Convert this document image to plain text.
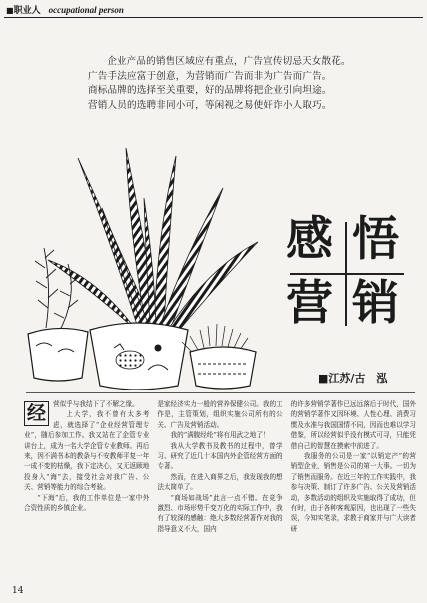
■职业人 occupational person

企业产品的销售区域应有重点，广告宣传切忌天女散花。

广告手法应富于创意，为营销而广告而非为广告而广告。

商标品牌的选择至关重要，好的品牌将把企业引向坦途。

营销人员的选聘非同小可，等闲视之易使奸诈小人取巧。

感 悟
营 销
■江苏/古　泓
经	营似乎与我结下了不解之缘。

上大学，我不曾有太多考虑，就选择了“企业经营管理专业”，随后参加工作。我又站在了企管专业讲台上，成为一名大学企管专业教师。再后来，因不满书本的教条与不安教师平复一年一成不变的枯燥，我下定决心，又无返顾地投身入“海”去，接受社会对我广告、公关、营销等能力的综合考验。

“下海”后，我的工作单位是一家中外合资性质的乡镇企业。

是家经济实力一般的营养保健公司。我的工作是，主管策划，组织实施公司所有的公关、广告及营销活动。

我的“满腹经纶”将有用武之地了！

我从大学教书及教书的过程中，曾学习、研究了近几十本国内外企管经营方面的专著。

然而，在进入商界之后，我发现我的想法太简单了。

“商场如战场”此言一点不错。在竞争激烈、市场形势千变万化的实际工作中，我有了较深的感触：绝大多数经营著作对我的指导意义不大，国内

的许多营销学著作已远远落后于时代，国外的营销学著作又因环境、人性心理、消费习惯及水准与我国国情不同，因而也难以学习借鉴，所以经营似乎没有模式可寻，只能凭借自己的智慧在摸索中前进了。

我服务的公司是一家“以销定产”的营销型企业，销售是公司的第一大事。一切为了销售而服务。在近三年的工作实践中，我参与决策、制订了许多广告、公关及营销活动，多数活动的组织及实施取得了成功，但有时，由于各种客观原因，也出现了一些失误，今知实笔录，求教于商家并与广大读者研

14
